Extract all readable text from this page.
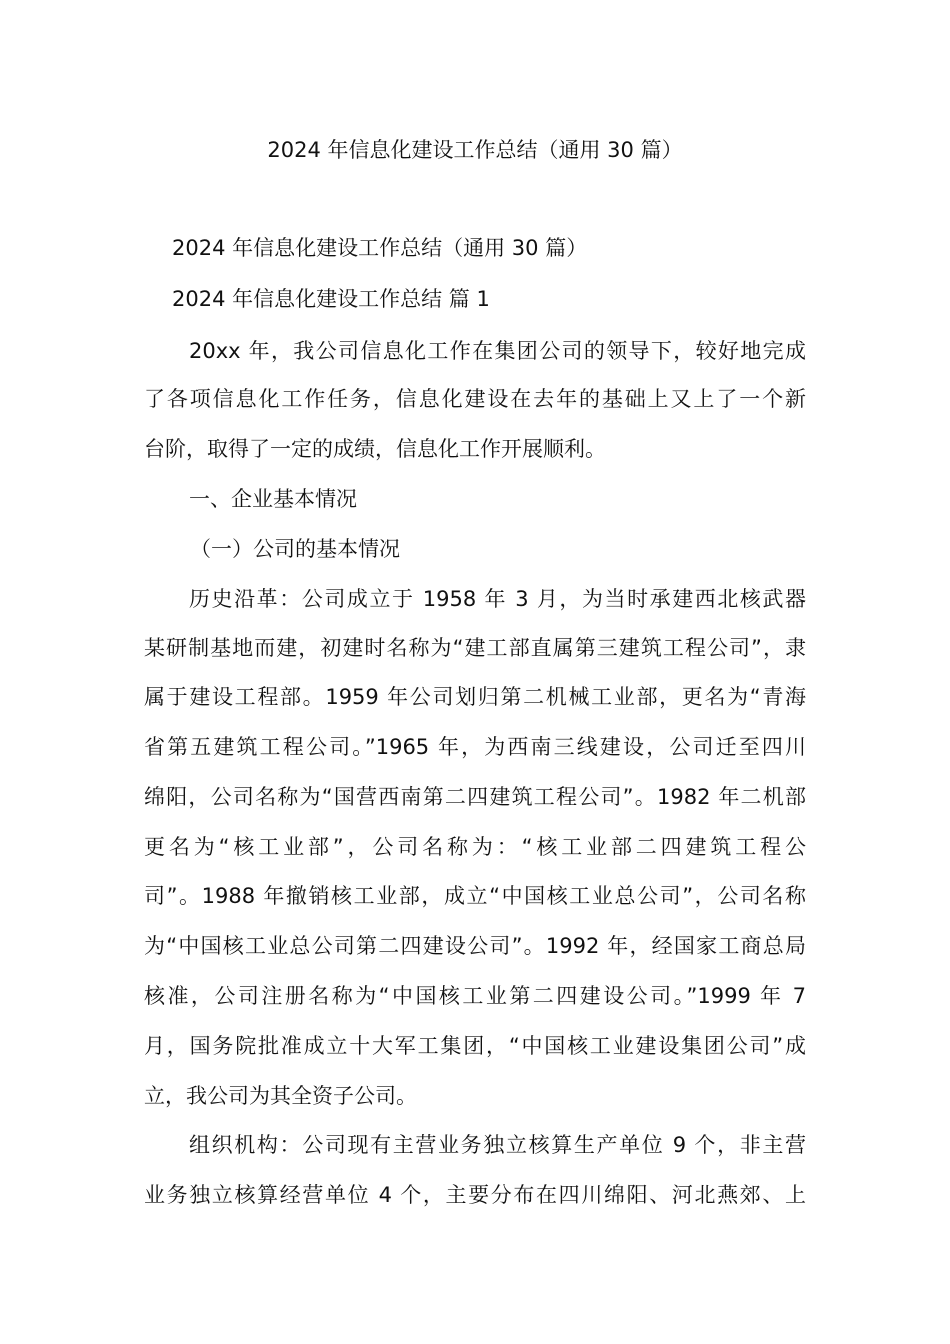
2024 年信息化建设工作总结（通用 30 篇）
2024 年信息化建设工作总结（通用 30 篇）
2024 年信息化建设工作总结 篇 1
20xx 年，我公司信息化工作在集团公司的领导下，较好地完成
了各项信息化工作任务，信息化建设在去年的基础上又上了一个新
台阶，取得了一定的成绩，信息化工作开展顺利。
一、企业基本情况
（一）公司的基本情况
历史沿革：公司成立于 1958 年 3 月，为当时承建西北核武器
某研制基地而建，初建时名称为“建工部直属第三建筑工程公司”，隶
属于建设工程部。1959 年公司划归第二机械工业部，更名为“青海
省第五建筑工程公司。”1965 年，为西南三线建设，公司迁至四川
绵阳，公司名称为“国营西南第二四建筑工程公司”。1982 年二机部
更名为“核工业部”，公司名称为：“核工业部二四建筑工程公
司”。1988 年撤销核工业部，成立“中国核工业总公司”，公司名称
为“中国核工业总公司第二四建设公司”。1992 年，经国家工商总局
核准，公司注册名称为“中国核工业第二四建设公司。”1999 年 7
月，国务院批准成立十大军工集团，“中国核工业建设集团公司”成
立，我公司为其全资子公司。
组织机构：公司现有主营业务独立核算生产单位 9 个，非主营
业务独立核算经营单位 4 个，主要分布在四川绵阳、河北燕郊、上
